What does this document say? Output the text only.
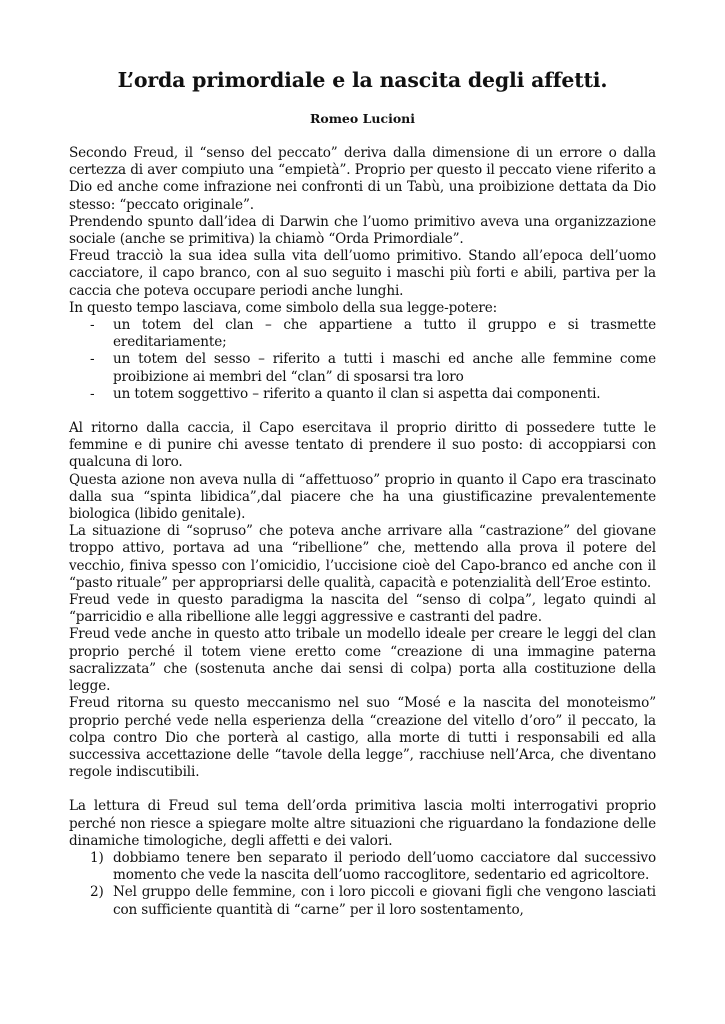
L’orda primordiale e la nascita degli affetti.
Romeo Lucioni

Secondo Freud, il “senso del peccato” deriva dalla dimensione di un errore o dalla certezza di aver compiuto una “empietà”. Proprio per questo il peccato viene riferito a Dio ed anche come infrazione nei confronti di un Tabù, una proibizione dettata da Dio stesso: “peccato originale”.

Prendendo spunto dall’idea di Darwin che l’uomo primitivo aveva una organizzazione sociale (anche se primitiva) la chiamò “Orda Primordiale”.

Freud tracciò la sua idea sulla vita dell’uomo primitivo. Stando all’epoca dell’uomo cacciatore, il capo branco, con al suo seguito i maschi più forti e abili, partiva per la caccia che poteva occupare periodi anche lunghi.

In questo tempo lasciava, come simbolo della sua legge-potere:

- un totem del clan – che appartiene a tutto il gruppo e si trasmette ereditariamente;
- un totem del sesso – riferito a tutti i maschi ed anche alle femmine come proibizione ai membri del “clan” di sposarsi tra loro
- un totem soggettivo – riferito a quanto il clan si aspetta dai componenti.

Al ritorno dalla caccia, il Capo esercitava il proprio diritto di possedere tutte le femmine e di punire chi avesse tentato di prendere il suo posto: di accoppiarsi con qualcuna di loro.

Questa azione non aveva nulla di “affettuoso” proprio in quanto il Capo era trascinato dalla sua “spinta libidica”,dal piacere che ha una giustificazine prevalentemente biologica (libido genitale).

La situazione di “sopruso” che poteva anche arrivare alla “castrazione” del giovane troppo attivo, portava ad una “ribellione” che, mettendo alla prova il potere del vecchio, finiva spesso con l’omicidio, l’uccisione cioè del Capo-branco ed anche con il “pasto rituale” per appropriarsi delle qualità, capacità e potenzialità dell’Eroe estinto.

Freud vede in questo paradigma la nascita del “senso di colpa”, legato quindi al “parricidio e alla ribellione alle leggi aggressive e castranti del padre.

Freud vede anche in questo atto tribale un modello ideale per creare le leggi del clan proprio perché il totem viene eretto come “creazione di una immagine paterna sacralizzata” che (sostenuta anche dai sensi di colpa) porta alla costituzione della legge.

Freud ritorna su questo meccanismo nel suo “Mosé e la nascita del monoteismo” proprio perché vede nella esperienza della “creazione del vitello d’oro” il peccato, la colpa contro Dio che porterà al castigo, alla morte di tutti i responsabili ed alla successiva accettazione delle “tavole della legge”, racchiuse nell’Arca, che diventano regole indiscutibili.

La lettura di Freud sul tema dell’orda primitiva lascia molti interrogativi proprio perché non riesce a spiegare molte altre situazioni che riguardano la fondazione delle dinamiche timologiche, degli affetti e dei valori.

1) dobbiamo tenere ben separato il periodo dell’uomo cacciatore dal successivo momento che vede la nascita dell’uomo raccoglitore, sedentario ed agricoltore.
2) Nel gruppo delle femmine, con i loro piccoli e giovani figli che vengono lasciati con sufficiente quantità di “carne” per il loro sostentamento,
